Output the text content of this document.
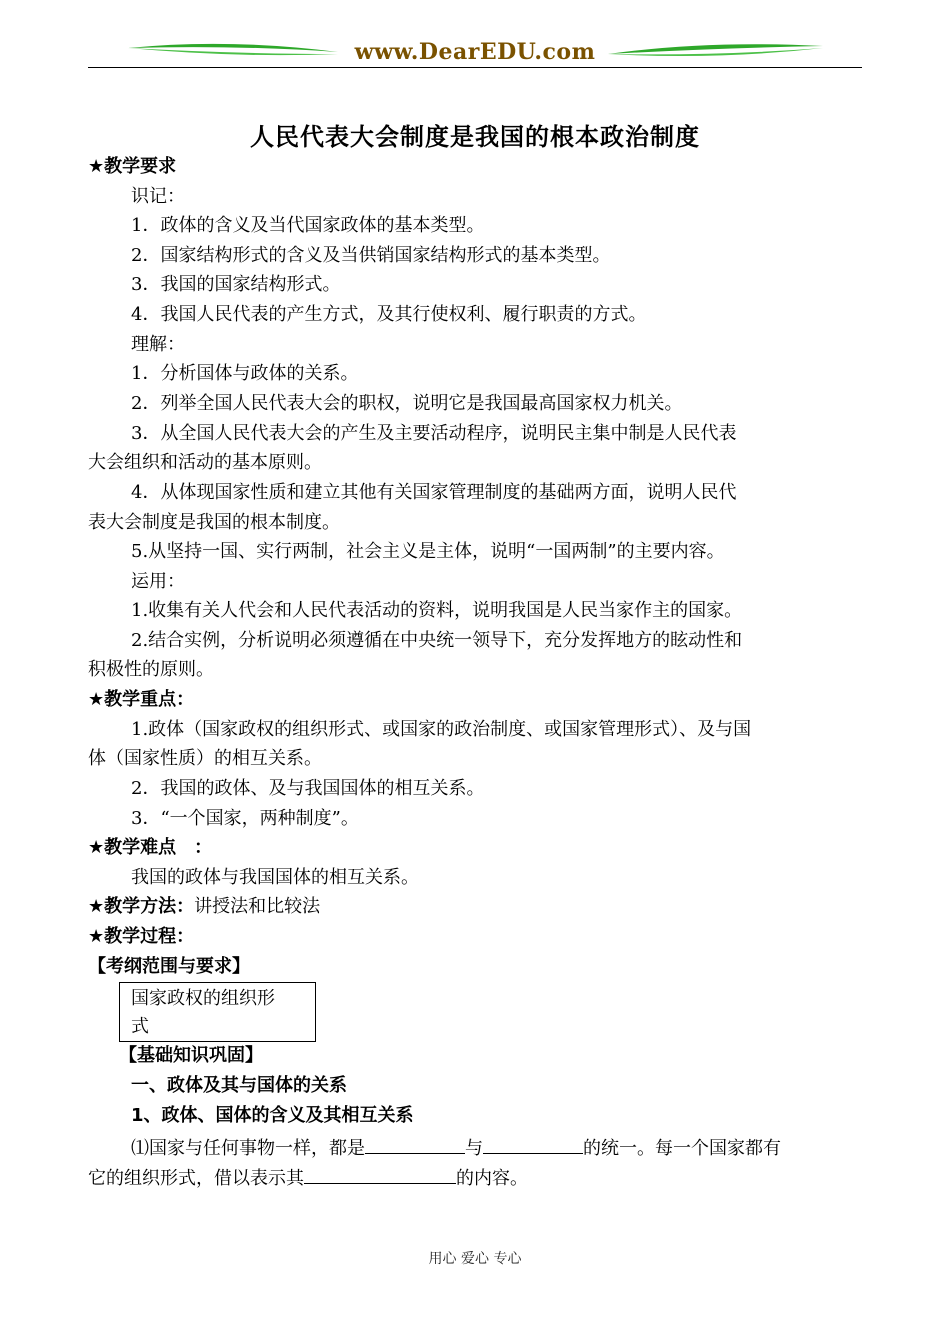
www.DearEDU.com
人民代表大会制度是我国的根本政治制度
★教学要求
识记：
1．政体的含义及当代国家政体的基本类型。
2．国家结构形式的含义及当供销国家结构形式的基本类型。
3．我国的国家结构形式。
4．我国人民代表的产生方式，及其行使权利、履行职责的方式。
理解：
1．分析国体与政体的关系。
2．列举全国人民代表大会的职权，说明它是我国最高国家权力机关。
3．从全国人民代表大会的产生及主要活动程序，说明民主集中制是人民代表
大会组织和活动的基本原则。
4．从体现国家性质和建立其他有关国家管理制度的基础两方面，说明人民代
表大会制度是我国的根本制度。
5.从坚持一国、实行两制，社会主义是主体，说明“一国两制”的主要内容。
运用：
1.收集有关人代会和人民代表活动的资料，说明我国是人民当家作主的国家。
2.结合实例，分析说明必须遵循在中央统一领导下，充分发挥地方的眩动性和
积极性的原则。
★教学重点：
1.政体（国家政权的组织形式、或国家的政治制度、或国家管理形式）、及与国
体（国家性质）的相互关系。
2．我国的政体、及与我国国体的相互关系。
3．“一个国家，两种制度”。
★教学难点　：
我国的政体与我国国体的相互关系。
★教学方法：讲授法和比较法
★教学过程：
【考纲范围与要求】
国家政权的组织形
式
【基础知识巩固】
一、政体及其与国体的关系
1、政体、国体的含义及其相互关系
⑴国家与任何事物一样，都是	与	的统一。每一个国家都有
它的组织形式，借以表示其	的内容。
用心 爱心 专心
